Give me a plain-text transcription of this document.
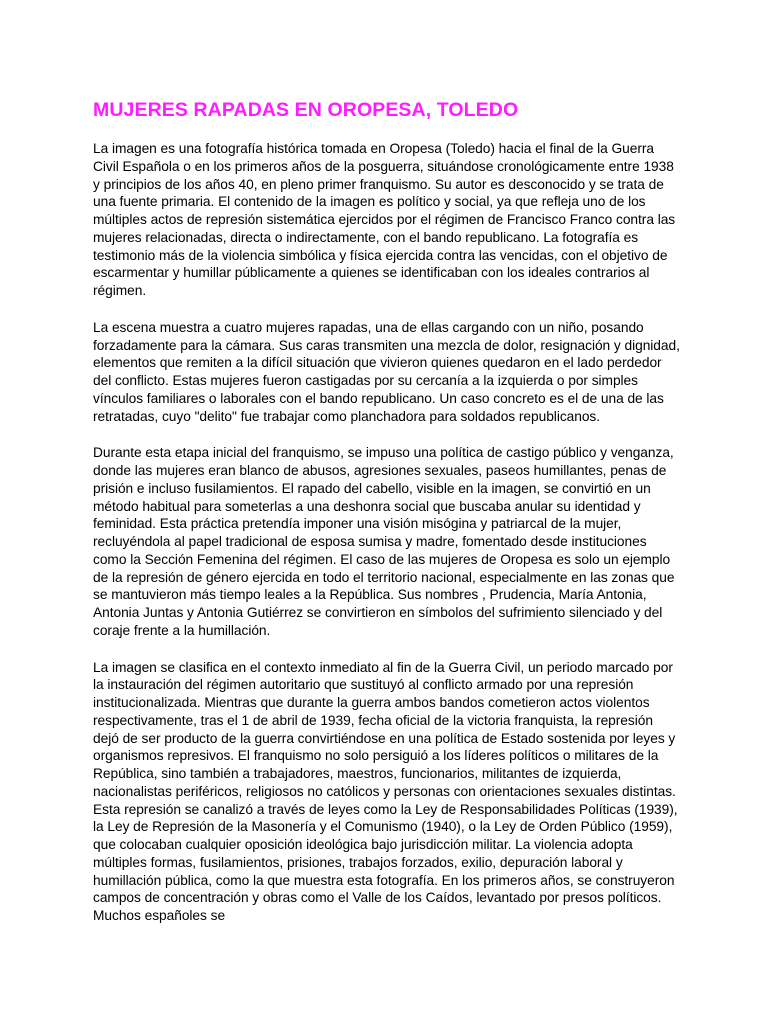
MUJERES RAPADAS EN OROPESA, TOLEDO

La imagen es una fotografía histórica tomada en Oropesa (Toledo) hacia el final de la Guerra Civil Española o en los primeros años de la posguerra, situándose cronológicamente entre 1938 y principios de los años 40, en pleno primer franquismo. Su autor es desconocido y se trata de una fuente primaria. El contenido de la imagen es político y social, ya que refleja uno de los múltiples actos de represión sistemática ejercidos por el régimen de Francisco Franco contra las mujeres relacionadas, directa o indirectamente, con el bando republicano. La fotografía es testimonio más de la violencia simbólica y física ejercida contra las vencidas, con el objetivo de escarmentar y humillar públicamente a quienes se identificaban con los ideales contrarios al régimen.

La escena muestra a cuatro mujeres rapadas, una de ellas cargando con un niño, posando forzadamente para la cámara. Sus caras transmiten una mezcla de dolor, resignación y dignidad, elementos que remiten a la difícil situación que vivieron quienes quedaron en el lado perdedor del conflicto. Estas mujeres fueron castigadas por su cercanía a la izquierda o por simples vínculos familiares o laborales con el bando republicano. Un caso concreto es el de una de las retratadas, cuyo "delito" fue trabajar como planchadora para soldados republicanos.

Durante esta etapa inicial del franquismo, se impuso una política de castigo público y venganza, donde las mujeres eran blanco de abusos, agresiones sexuales, paseos humillantes, penas de prisión e incluso fusilamientos. El rapado del cabello, visible en la imagen, se convirtió en un método habitual para someterlas a una deshonra social que buscaba anular su identidad y feminidad. Esta práctica pretendía imponer una visión misógina y patriarcal de la mujer, recluyéndola al papel tradicional de esposa sumisa y madre, fomentado desde instituciones como la Sección Femenina del régimen. El caso de las mujeres de Oropesa es solo un ejemplo de la represión de género ejercida en todo el territorio nacional, especialmente en las zonas que se mantuvieron más tiempo leales a la República. Sus nombres , Prudencia, María Antonia, Antonia Juntas y Antonia Gutiérrez se convirtieron en símbolos del sufrimiento silenciado y del coraje frente a la humillación.

La imagen se clasifica en el contexto inmediato al fin de la Guerra Civil, un periodo marcado por la instauración del régimen autoritario que sustituyó al conflicto armado por una represión institucionalizada. Mientras que durante la guerra ambos bandos cometieron actos violentos respectivamente, tras el 1 de abril de 1939, fecha oficial de la victoria franquista, la represión dejó de ser producto de la guerra convirtiéndose en una política de Estado sostenida por leyes y organismos represivos. El franquismo no solo persiguió a los líderes políticos o militares de la República, sino también a trabajadores, maestros, funcionarios, militantes de izquierda, nacionalistas periféricos, religiosos no católicos y personas con orientaciones sexuales distintas. Esta represión se canalizó a través de leyes como la Ley de Responsabilidades Políticas (1939), la Ley de Represión de la Masonería y el Comunismo (1940), o la Ley de Orden Público (1959), que colocaban cualquier oposición ideológica bajo jurisdicción militar. La violencia adopta múltiples formas, fusilamientos, prisiones, trabajos forzados, exilio, depuración laboral y humillación pública, como la que muestra esta fotografía. En los primeros años, se construyeron campos de concentración y obras como el Valle de los Caídos, levantado por presos políticos. Muchos españoles se
